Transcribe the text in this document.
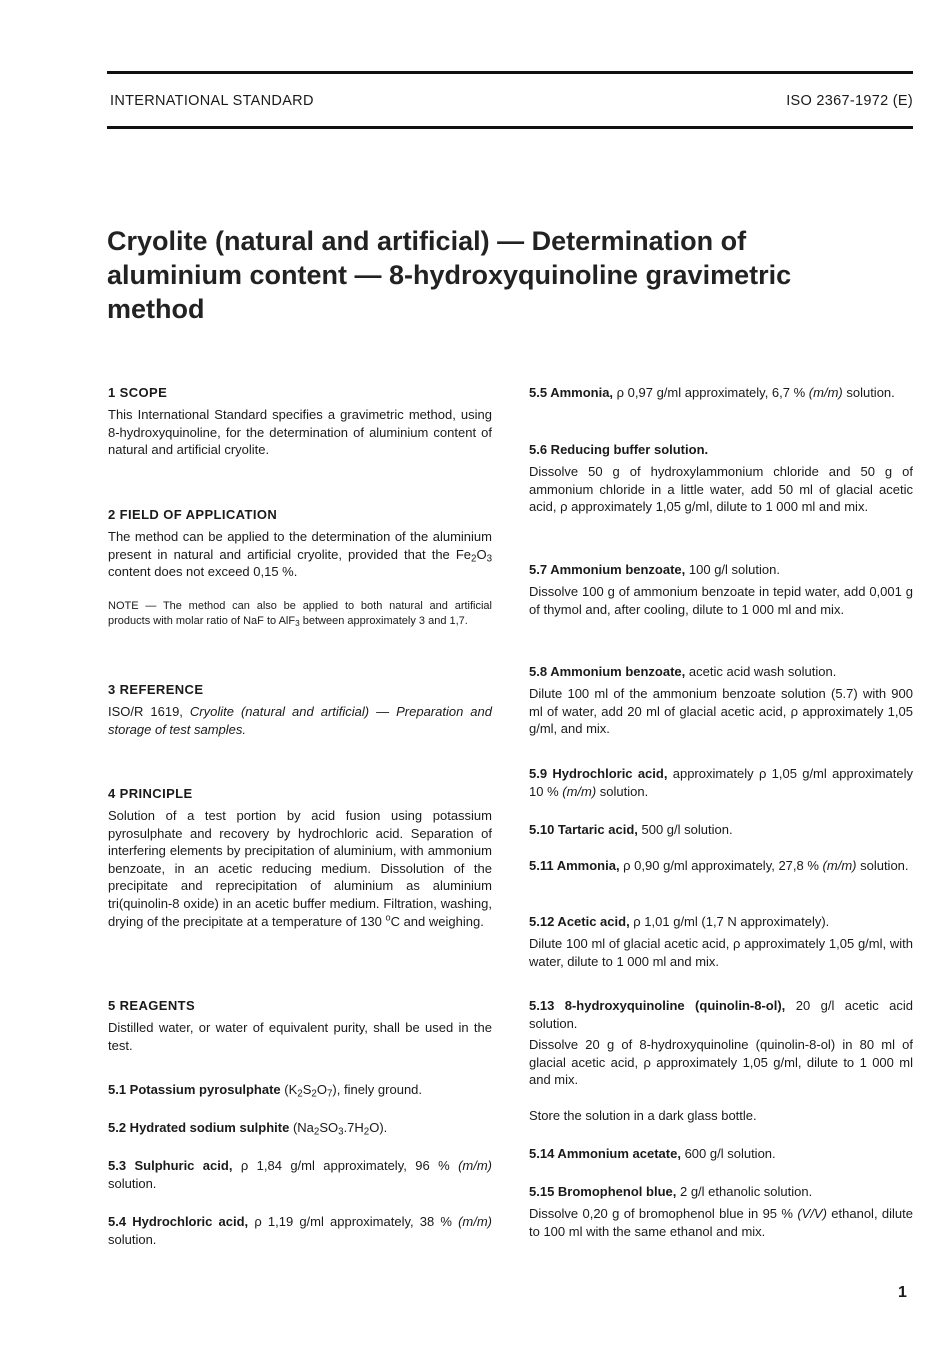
INTERNATIONAL STANDARD	ISO 2367-1972 (E)
Cryolite (natural and artificial) — Determination of aluminium content — 8-hydroxyquinoline gravimetric method
1 SCOPE

This International Standard specifies a gravimetric method, using 8-hydroxyquinoline, for the determination of aluminium content of natural and artificial cryolite.

2 FIELD OF APPLICATION

The method can be applied to the determination of the aluminium present in natural and artificial cryolite, provided that the $Fe_2O_3$ content does not exceed 0,15 %.

NOTE — The method can also be applied to both natural and artificial products with molar ratio of NaF to AlF$_3$ between approximately 3 and 1,7.

3 REFERENCE

ISO/R 1619, Cryolite (natural and artificial) — Preparation and storage of test samples.

4 PRINCIPLE

Solution of a test portion by acid fusion using potassium pyrosulphate and recovery by hydrochloric acid. Separation of interfering elements by precipitation of aluminium, with ammonium benzoate, in an acetic reducing medium. Dissolution of the precipitate and reprecipitation of aluminium as aluminium tri(quinolin-8 oxide) in an acetic buffer medium. Filtration, washing, drying of the precipitate at a temperature of 130 $^o$C and weighing.

5 REAGENTS

Distilled water, or water of equivalent purity, shall be used in the test.

5.1 Potassium pyrosulphate $(K_2S_2O_7)$, finely ground.

5.2 Hydrated sodium sulphite $(Na_2SO_3.7H_2O)$.

5.3 Sulphuric acid, ρ 1,84 g/ml approximately, 96 % (m/m) solution.

5.4 Hydrochloric acid, ρ 1,19 g/ml approximately, 38 % (m/m) solution.

5.5 Ammonia, ρ 0,97 g/ml approximately, 6,7 % (m/m) solution.

5.6 Reducing buffer solution.

Dissolve 50 g of hydroxylammonium chloride and 50 g of ammonium chloride in a little water, add 50 ml of glacial acetic acid, ρ approximately 1,05 g/ml, dilute to 1 000 ml and mix.

5.7 Ammonium benzoate, 100 g/l solution.

Dissolve 100 g of ammonium benzoate in tepid water, add 0,001 g of thymol and, after cooling, dilute to 1 000 ml and mix.

5.8 Ammonium benzoate, acetic acid wash solution.

Dilute 100 ml of the ammonium benzoate solution (5.7) with 900 ml of water, add 20 ml of glacial acetic acid, ρ approximately 1,05 g/ml, and mix.

5.9 Hydrochloric acid, approximately ρ 1,05 g/ml approximately 10 % (m/m) solution.

5.10 Tartaric acid, 500 g/l solution.

5.11 Ammonia, ρ 0,90 g/ml approximately, 27,8 % (m/m) solution.

5.12 Acetic acid, ρ 1,01 g/ml (1,7 N approximately).

Dilute 100 ml of glacial acetic acid, ρ approximately 1,05 g/ml, with water, dilute to 1 000 ml and mix.

5.13 8-hydroxyquinoline (quinolin-8-ol), 20 g/l acetic acid solution.

Dissolve 20 g of 8-hydroxyquinoline (quinolin-8-ol) in 80 ml of glacial acetic acid, ρ approximately 1,05 g/ml, dilute to 1 000 ml and mix.

Store the solution in a dark glass bottle.

5.14 Ammonium acetate, 600 g/l solution.

5.15 Bromophenol blue, 2 g/l ethanolic solution.

Dissolve 0,20 g of bromophenol blue in 95 % (V/V) ethanol, dilute to 100 ml with the same ethanol and mix.

1
